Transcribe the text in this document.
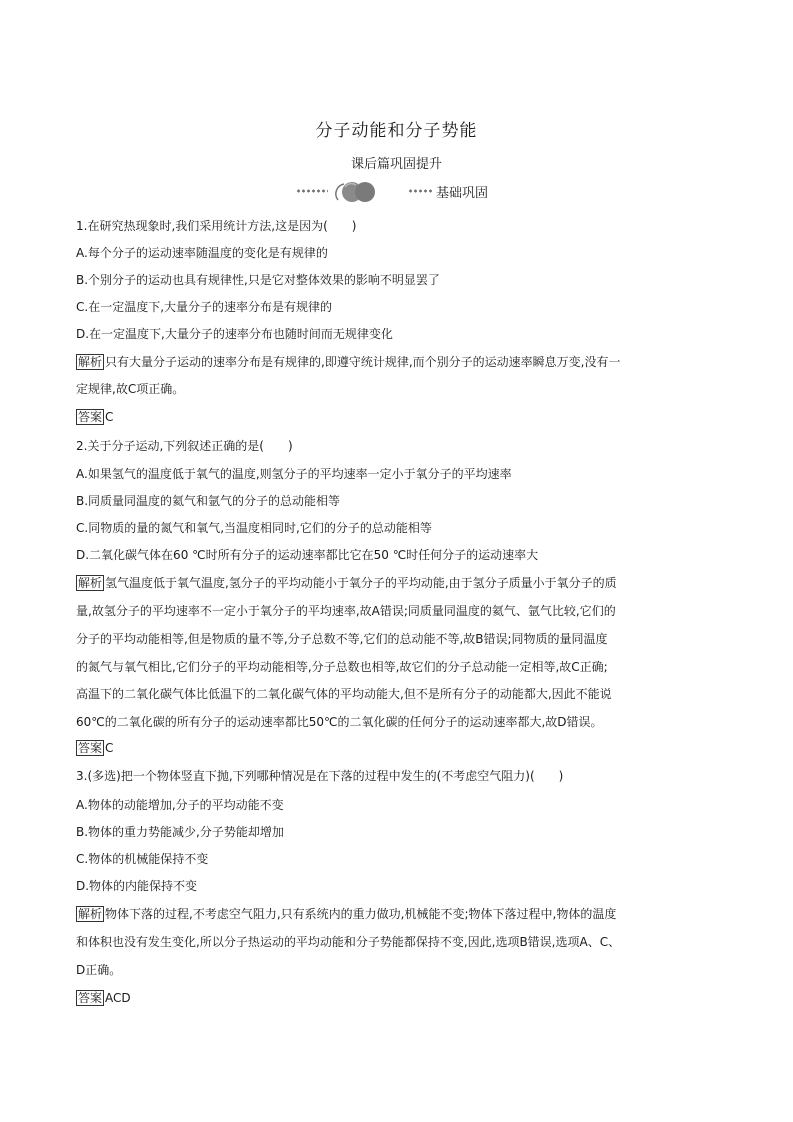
分子动能和分子势能
课后篇巩固提升
基础巩固
1.在研究热现象时,我们采用统计方法,这是因为(　　)
A.每个分子的运动速率随温度的变化是有规律的
B.个别分子的运动也具有规律性,只是它对整体效果的影响不明显罢了
C.在一定温度下,大量分子的速率分布是有规律的
D.在一定温度下,大量分子的速率分布也随时间而无规律变化
解析 只有大量分子运动的速率分布是有规律的,即遵守统计规律,而个别分子的运动速率瞬息万变,没有一
定规律,故C项正确。
答案 C
2.关于分子运动,下列叙述正确的是(　　)
A.如果氢气的温度低于氧气的温度,则氢分子的平均速率一定小于氧分子的平均速率
B.同质量同温度的氦气和氩气的分子的总动能相等
C.同物质的量的氮气和氧气,当温度相同时,它们的分子的总动能相等
D.二氧化碳气体在60 ℃时所有分子的运动速率都比它在50 ℃时任何分子的运动速率大
解析 氢气温度低于氧气温度,氢分子的平均动能小于氧分子的平均动能,由于氢分子质量小于氧分子的质
量,故氢分子的平均速率不一定小于氧分子的平均速率,故A错误;同质量同温度的氦气、氩气比较,它们的
分子的平均动能相等,但是物质的量不等,分子总数不等,它们的总动能不等,故B错误;同物质的量同温度
的氮气与氧气相比,它们分子的平均动能相等,分子总数也相等,故它们的分子总动能一定相等,故C正确;
高温下的二氧化碳气体比低温下的二氧化碳气体的平均动能大,但不是所有分子的动能都大,因此不能说
60℃的二氧化碳的所有分子的运动速率都比50℃的二氧化碳的任何分子的运动速率都大,故D错误。
答案 C
3.(多选)把一个物体竖直下抛,下列哪种情况是在下落的过程中发生的(不考虑空气阻力)(　　)
A.物体的动能增加,分子的平均动能不变
B.物体的重力势能减少,分子势能却增加
C.物体的机械能保持不变
D.物体的内能保持不变
解析 物体下落的过程,不考虑空气阻力,只有系统内的重力做功,机械能不变;物体下落过程中,物体的温度
和体积也没有发生变化,所以分子热运动的平均动能和分子势能都保持不变,因此,选项B错误,选项A、C、
D正确。
答案 ACD
